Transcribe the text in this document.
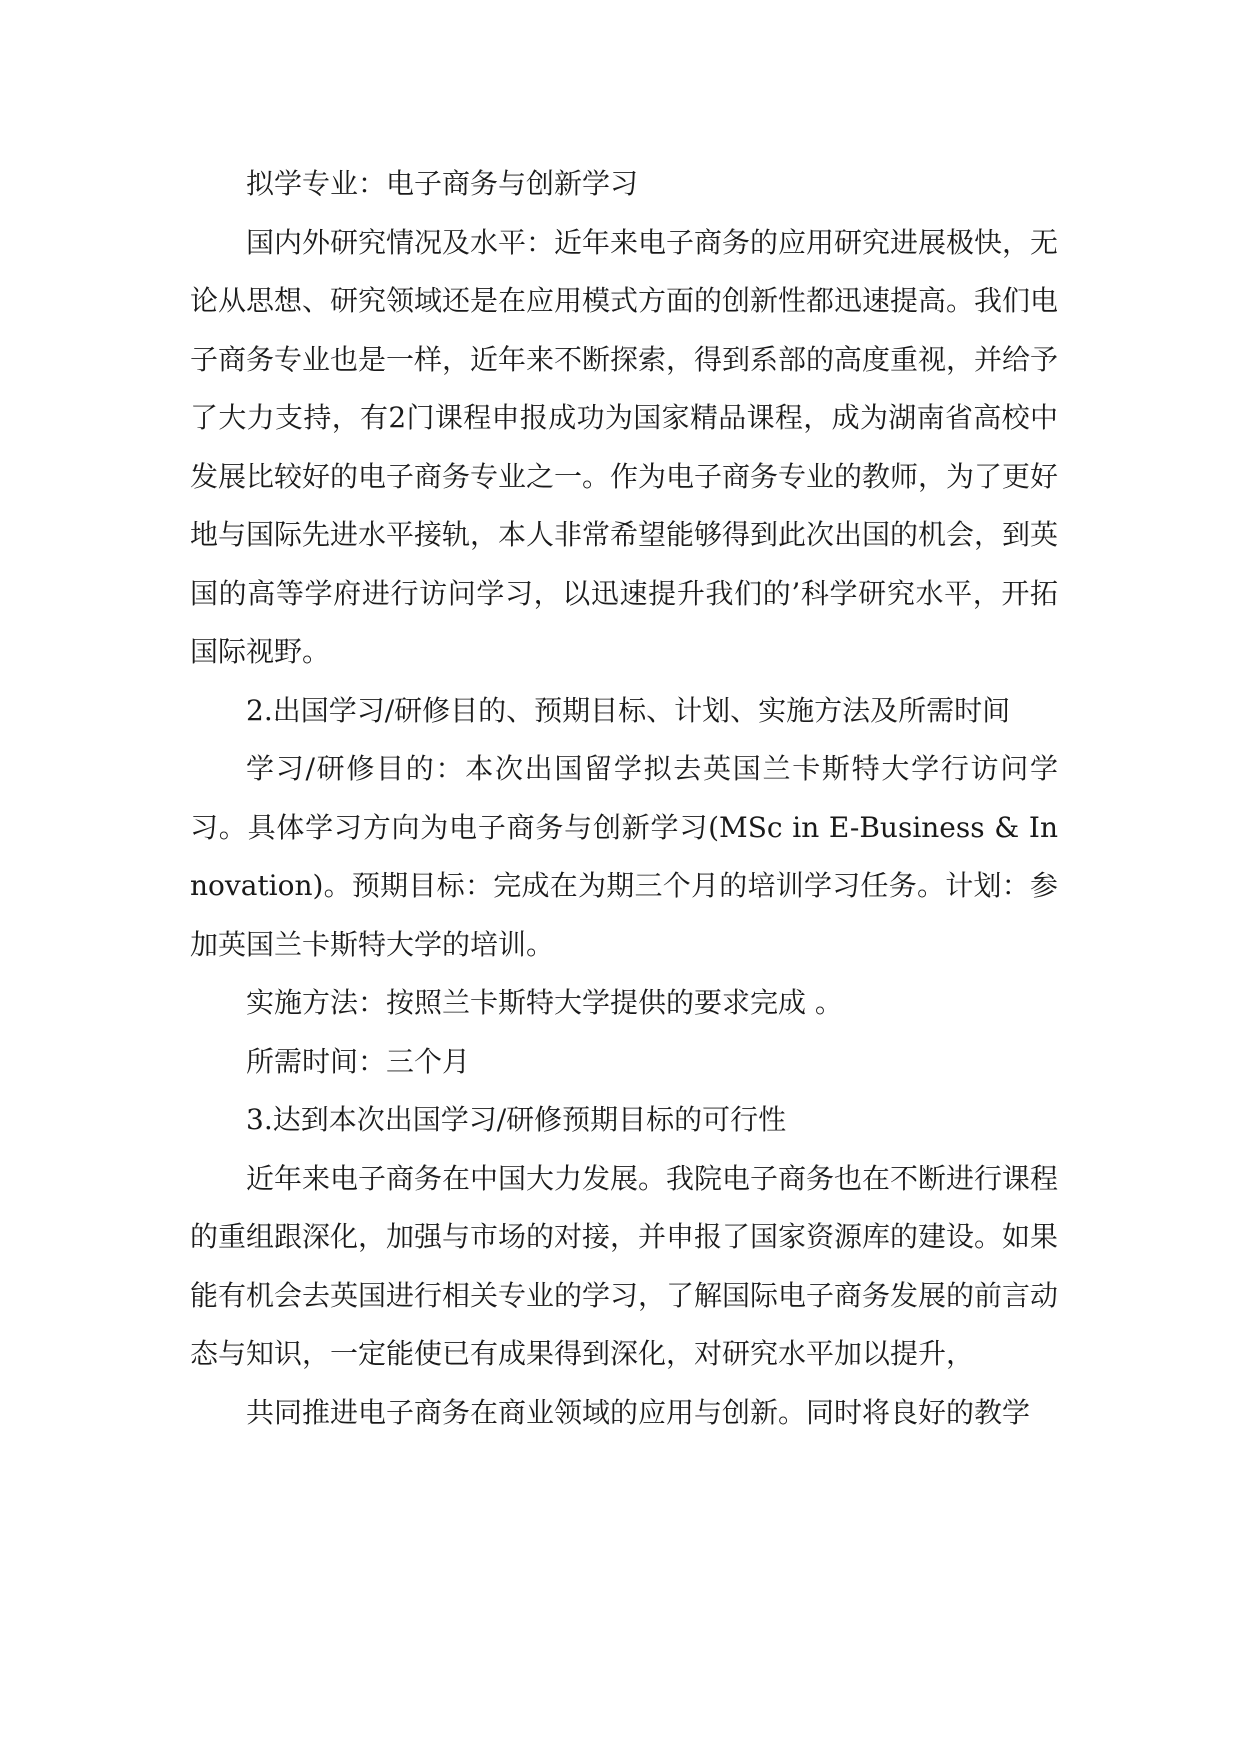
拟学专业：电子商务与创新学习

国内外研究情况及水平：近年来电子商务的应用研究进展极快，无论从思想、研究领域还是在应用模式方面的创新性都迅速提高。我们电子商务专业也是一样，近年来不断探索，得到系部的高度重视，并给予了大力支持，有2门课程申报成功为国家精品课程，成为湖南省高校中发展比较好的电子商务专业之一。作为电子商务专业的教师，为了更好地与国际先进水平接轨，本人非常希望能够得到此次出国的机会，到英国的高等学府进行访问学习，以迅速提升我们的’科学研究水平，开拓国际视野。

2.出国学习/研修目的、预期目标、计划、实施方法及所需时间

学习/研修目的：本次出国留学拟去英国兰卡斯特大学行访问学习。具体学习方向为电子商务与创新学习(MSc in E-Business & Innovation)。预期目标：完成在为期三个月的培训学习任务。计划：参加英国兰卡斯特大学的培训。

实施方法：按照兰卡斯特大学提供的要求完成 。

所需时间：三个月

3.达到本次出国学习/研修预期目标的可行性

近年来电子商务在中国大力发展。我院电子商务也在不断进行课程的重组跟深化，加强与市场的对接，并申报了国家资源库的建设。如果能有机会去英国进行相关专业的学习，了解国际电子商务发展的前言动态与知识，一定能使已有成果得到深化，对研究水平加以提升，

共同推进电子商务在商业领域的应用与创新。同时将良好的教学
